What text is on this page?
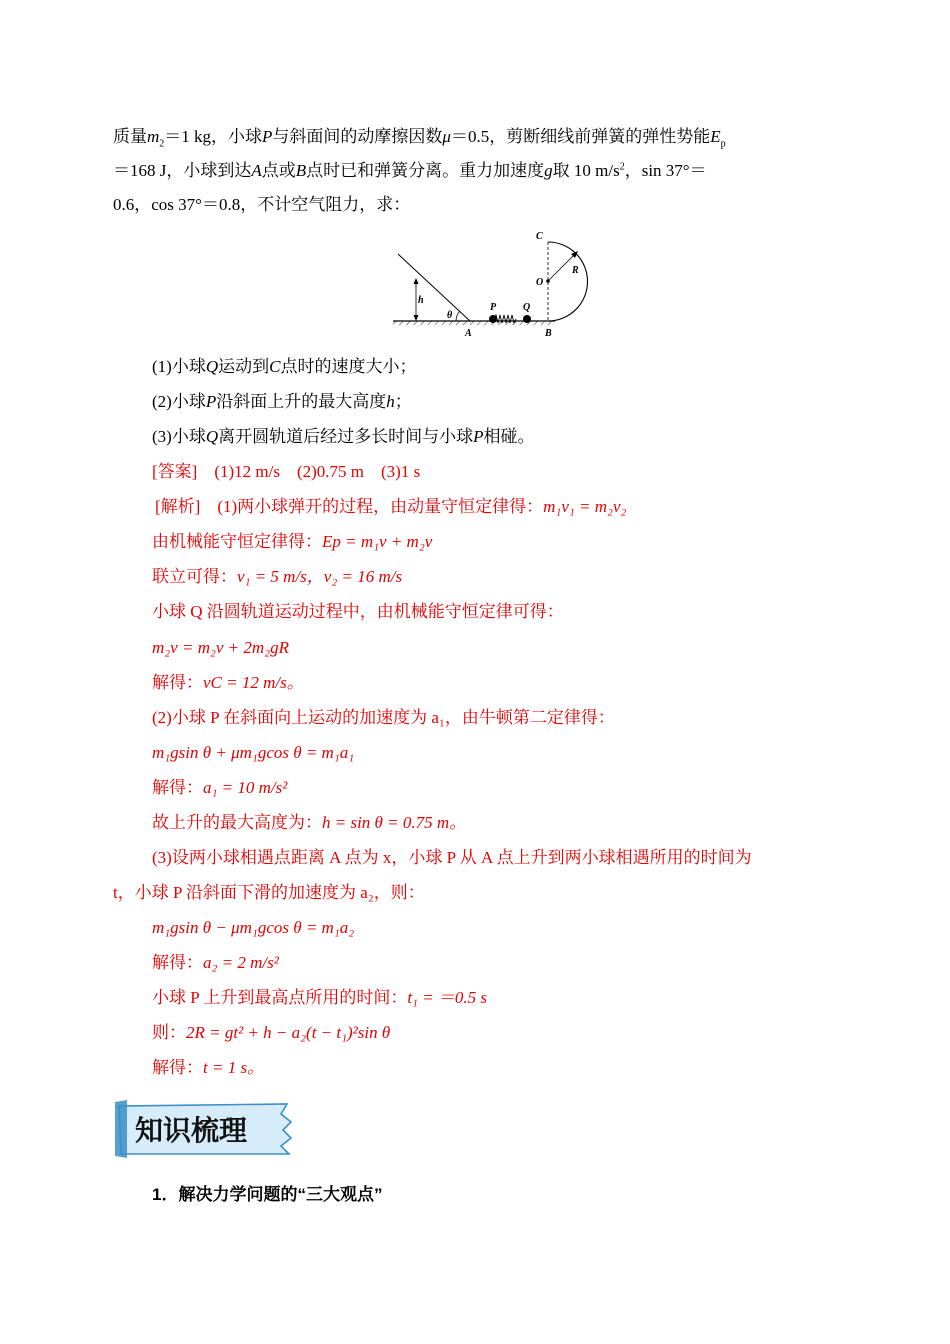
质量$m_2=1$ kg，小球P与斜面间的动摩擦因数μ＝0.5，剪断细线前弹簧的弹性势能$E_p$
＝168 J，小球到达A点或B点时已和弹簧分离。重力加速度g取 10 $m/s^2$，sin 37°＝
0.6，cos 37°＝0.8，不计空气阻力，求：
C
O
R
h
θ
P	Q
A	B
(1)小球Q运动到C点时的速度大小；
(2)小球P沿斜面上升的最大高度h；
(3)小球Q离开圆轨道后经过多长时间与小球P相碰。
[答案]　 (1)12 m/s　(2)0.75 m　(3)1 s
[解析]　 (1)两小球弹开的过程，由动量守恒定律得：m₁v₁ = m₂v₂
由机械能守恒定律得：Ep = m₁v + m₂v
联立可得：v₁ = 5 m/s，v₂ = 16 m/s
小球 Q 沿圆轨道运动过程中，由机械能守恒定律可得：
m₂v = m₂v + 2m₂gR
解得：vC = 12 m/s。
(2)小球 P 在斜面向上运动的加速度为 a₁，由牛顿第二定律得：
m₁gsin θ + μm₁gcos θ = m₁a₁
解得：a₁ = 10 m/s²
故上升的最大高度为：h = sin θ = 0.75 m。
(3)设两小球相遇点距离 A 点为 x，小球 P 从 A 点上升到两小球相遇所用的时间为
t，小球 P 沿斜面下滑的加速度为 a₂，则：
m₁gsin θ − μm₁gcos θ = m₁a₂
解得：a₂ = 2 m/s²
小球 P 上升到最高点所用的时间：t₁ = ＝0.5 s
则：2R = gt² + h − a₂(t − t₁)²sin θ
解得：t = 1 s。
知识梳理
1．解决力学问题的“三大观点”
